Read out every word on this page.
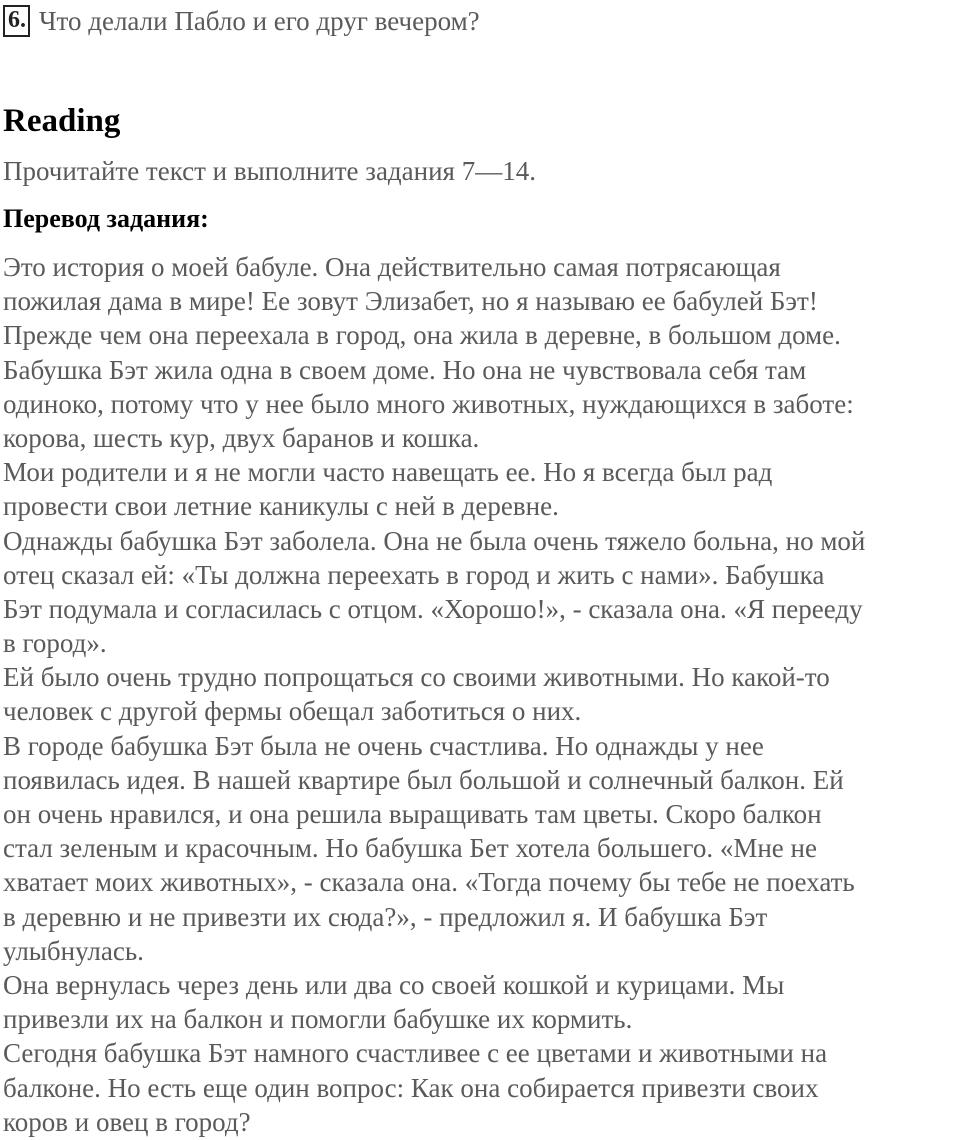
6. Что делали Пабло и его друг вечером?
Reading

Прочитайте текст и выполните задания 7—14.

Перевод задания:

Это история о моей бабуле. Она действительно самая потрясающая
пожилая дама в мире! Ее зовут Элизабет, но я называю ее бабулей Бэт!
Прежде чем она переехала в город, она жила в деревне, в большом доме.
Бабушка Бэт жила одна в своем доме. Но она не чувствовала себя там
одиноко, потому что у нее было много животных, нуждающихся в заботе:
корова, шесть кур, двух баранов и кошка.
Мои родители и я не могли часто навещать ее. Но я всегда был рад
провести свои летние каникулы с ней в деревне.
Однажды бабушка Бэт заболела. Она не была очень тяжело больна, но мой
отец сказал ей: «Ты должна переехать в город и жить с нами». Бабушка
Бэт подумала и согласилась с отцом. «Хорошо!», - сказала она. «Я перееду
в город».
Ей было очень трудно попрощаться со своими животными. Но какой-то
человек с другой фермы обещал заботиться о них.
В городе бабушка Бэт была не очень счастлива. Но однажды у нее
появилась идея. В нашей квартире был большой и солнечный балкон. Ей
он очень нравился, и она решила выращивать там цветы. Скоро балкон
стал зеленым и красочным. Но бабушка Бет хотела большего. «Мне не
хватает моих животных», - сказала она. «Тогда почему бы тебе не поехать
в деревню и не привезти их сюда?», - предложил я. И бабушка Бэт
улыбнулась.
Она вернулась через день или два со своей кошкой и курицами. Мы
привезли их на балкон и помогли бабушке их кормить.
Сегодня бабушка Бэт намного счастливее с ее цветами и животными на
балконе. Но есть еще один вопрос: Как она собирается привезти своих
коров и овец в город?
